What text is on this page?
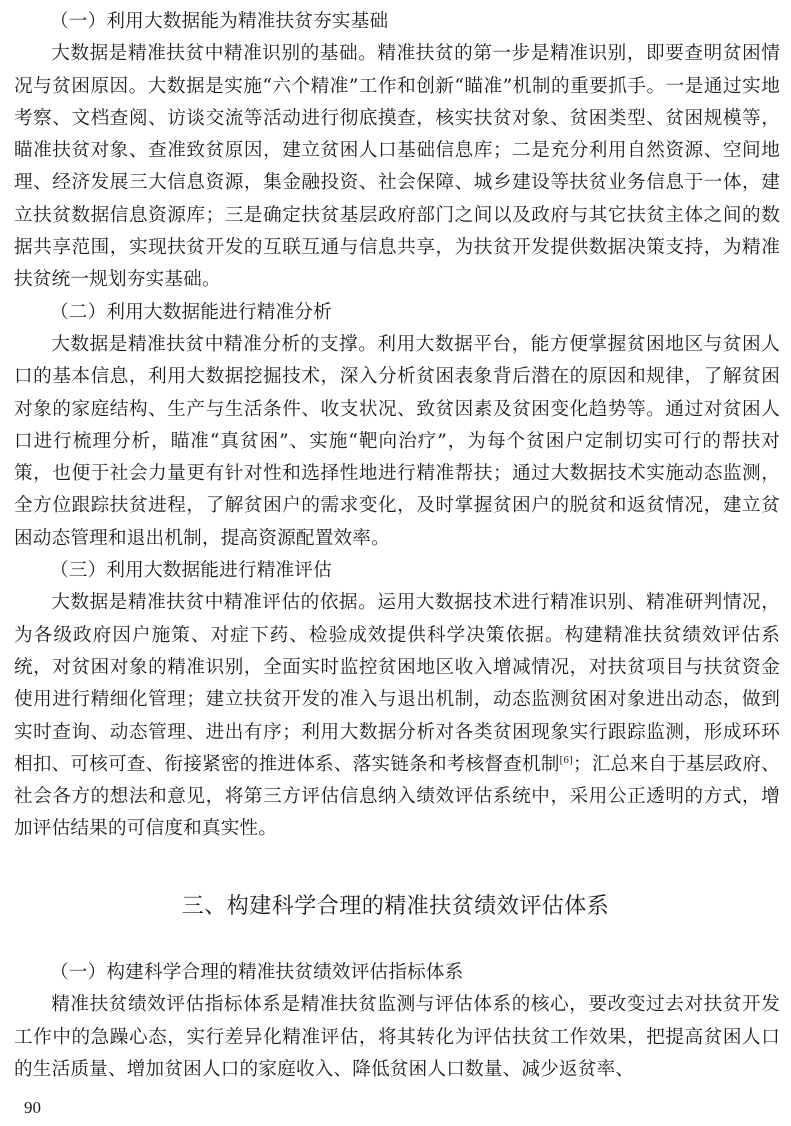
（一）利用大数据能为精准扶贫夯实基础

大数据是精准扶贫中精准识别的基础。精准扶贫的第一步是精准识别，即要查明贫困情况与贫困原因。大数据是实施“六个精准”工作和创新“瞄准”机制的重要抓手。一是通过实地考察、文档查阅、访谈交流等活动进行彻底摸查，核实扶贫对象、贫困类型、贫困规模等，瞄准扶贫对象、查准致贫原因，建立贫困人口基础信息库；二是充分利用自然资源、空间地理、经济发展三大信息资源，集金融投资、社会保障、城乡建设等扶贫业务信息于一体，建立扶贫数据信息资源库；三是确定扶贫基层政府部门之间以及政府与其它扶贫主体之间的数据共享范围，实现扶贫开发的互联互通与信息共享，为扶贫开发提供数据决策支持，为精准扶贫统一规划夯实基础。

（二）利用大数据能进行精准分析

大数据是精准扶贫中精准分析的支撑。利用大数据平台，能方便掌握贫困地区与贫困人口的基本信息，利用大数据挖掘技术，深入分析贫困表象背后潜在的原因和规律，了解贫困对象的家庭结构、生产与生活条件、收支状况、致贫因素及贫困变化趋势等。通过对贫困人口进行梳理分析，瞄准“真贫困”、实施“靶向治疗”，为每个贫困户定制切实可行的帮扶对策，也便于社会力量更有针对性和选择性地进行精准帮扶；通过大数据技术实施动态监测，全方位跟踪扶贫进程，了解贫困户的需求变化，及时掌握贫困户的脱贫和返贫情况，建立贫困动态管理和退出机制，提高资源配置效率。

（三）利用大数据能进行精准评估

大数据是精准扶贫中精准评估的依据。运用大数据技术进行精准识别、精准研判情况，为各级政府因户施策、对症下药、检验成效提供科学决策依据。构建精准扶贫绩效评估系统，对贫困对象的精准识别，全面实时监控贫困地区收入增减情况，对扶贫项目与扶贫资金使用进行精细化管理；建立扶贫开发的准入与退出机制，动态监测贫困对象进出动态，做到实时查询、动态管理、进出有序；利用大数据分析对各类贫困现象实行跟踪监测，形成环环相扣、可核可查、衔接紧密的推进体系、落实链条和考核督查机制[6]；汇总来自于基层政府、社会各方的想法和意见，将第三方评估信息纳入绩效评估系统中，采用公正透明的方式，增加评估结果的可信度和真实性。

三、构建科学合理的精准扶贫绩效评估体系
（一）构建科学合理的精准扶贫绩效评估指标体系

精准扶贫绩效评估指标体系是精准扶贫监测与评估体系的核心，要改变过去对扶贫开发工作中的急躁心态，实行差异化精准评估，将其转化为评估扶贫工作效果，把提高贫困人口的生活质量、增加贫困人口的家庭收入、降低贫困人口数量、减少返贫率、

90
